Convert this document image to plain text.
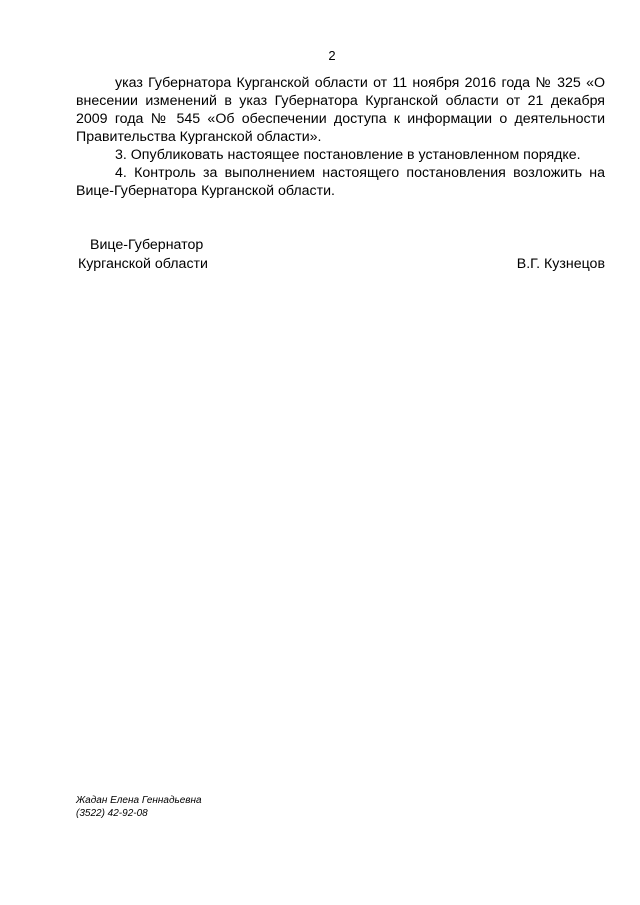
2

указ Губернатора Курганской области от 11 ноября 2016 года № 325 «О внесении изменений в указ Губернатора Курганской области от 21 декабря 2009 года № 545 «Об обеспечении доступа к информации о деятельности Правительства Курганской области».

3. Опубликовать настоящее постановление в установленном порядке.

4. Контроль за выполнением настоящего постановления возложить на Вице-Губернатора Курганской области.

Вице-Губернатор
Курганской области	В.Г. Кузнецов
Жадан Елена Геннадьевна
(3522) 42-92-08
